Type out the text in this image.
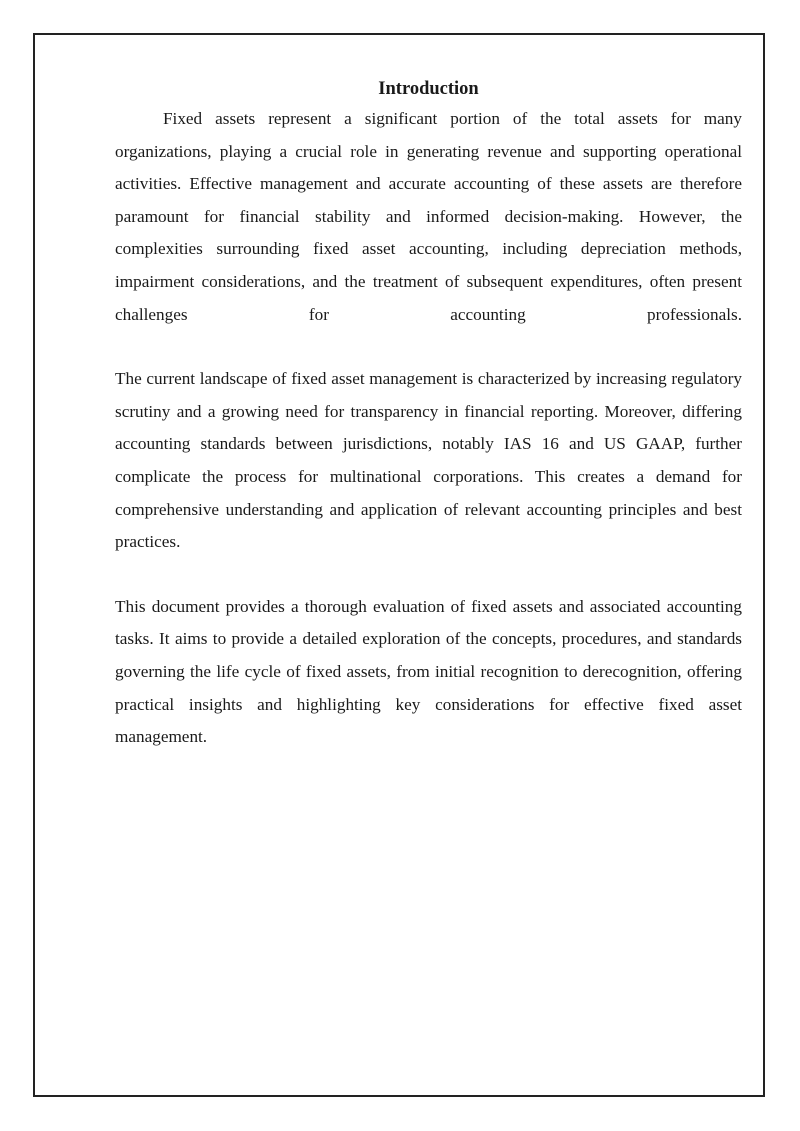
Introduction

Fixed assets represent a significant portion of the total assets for many organizations, playing a crucial role in generating revenue and supporting operational activities. Effective management and accurate accounting of these assets are therefore paramount for financial stability and informed decision-making. However, the complexities surrounding fixed asset accounting, including depreciation methods, impairment considerations, and the treatment of subsequent expenditures, often present challenges for accounting professionals.

The current landscape of fixed asset management is characterized by increasing regulatory scrutiny and a growing need for transparency in financial reporting. Moreover, differing accounting standards between jurisdictions, notably IAS 16 and US GAAP, further complicate the process for multinational corporations. This creates a demand for comprehensive understanding and application of relevant accounting principles and best practices.

This document provides a thorough evaluation of fixed assets and associated accounting tasks. It aims to provide a detailed exploration of the concepts, procedures, and standards governing the life cycle of fixed assets, from initial recognition to derecognition, offering practical insights and highlighting key considerations for effective fixed asset management.
